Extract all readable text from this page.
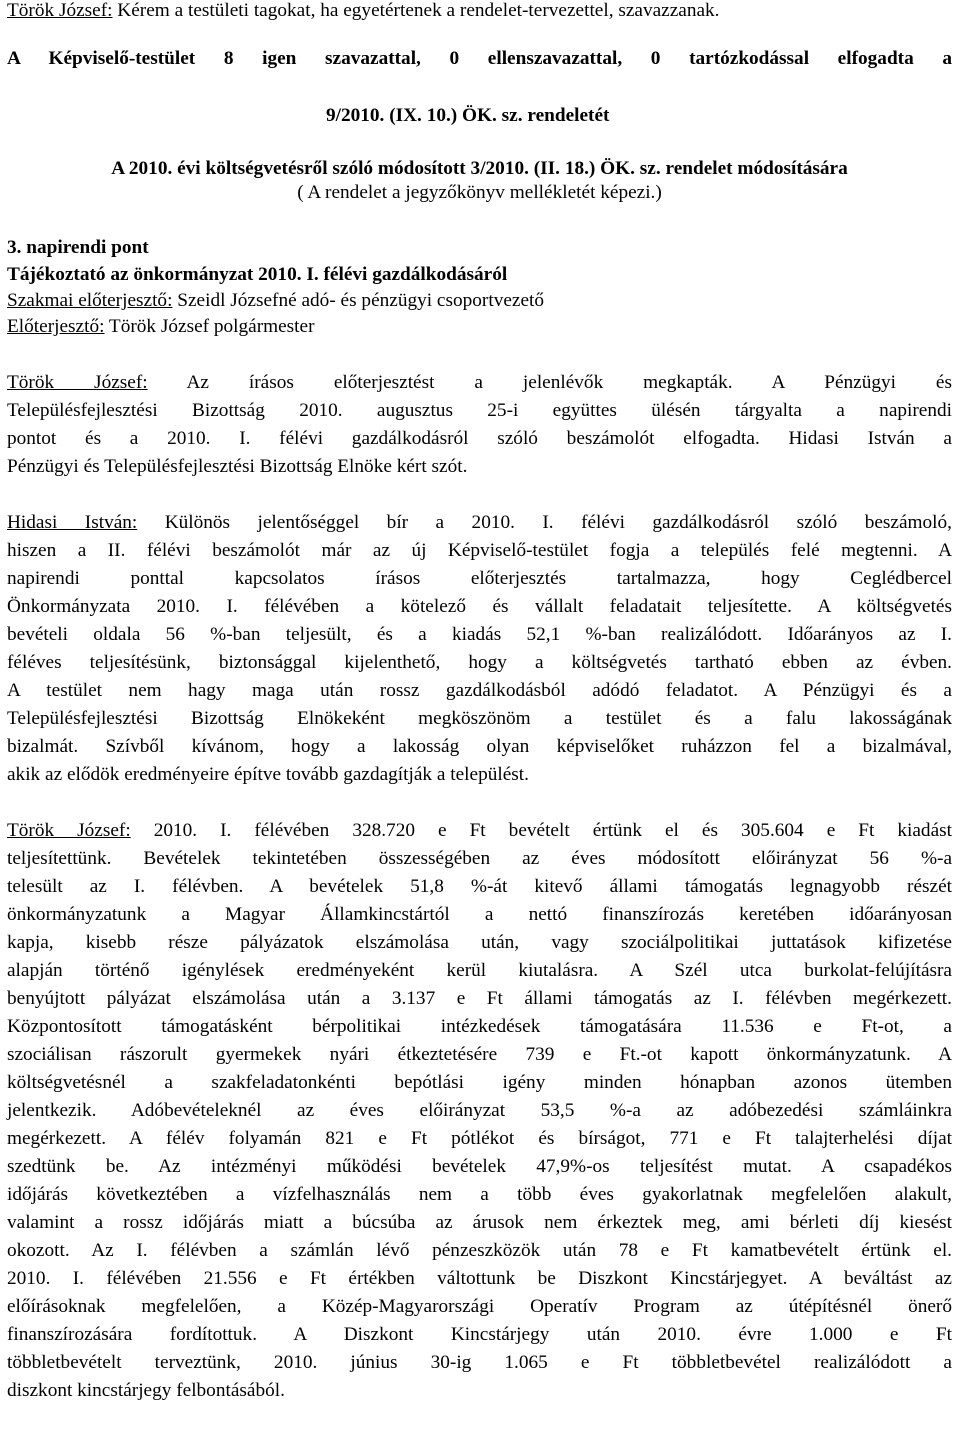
Török József: Kérem a testületi tagokat, ha egyetértenek a rendelet-tervezettel, szavazzanak.

A Képviselő-testület 8 igen szavazattal, 0 ellenszavazattal, 0 tartózkodással elfogadta a

9/2010. (IX. 10.) ÖK. sz. rendeletét

A 2010. évi költségvetésről szóló módosított 3/2010. (II. 18.) ÖK. sz. rendelet módosítására

( A rendelet a jegyzőkönyv mellékletét képezi.)

3. napirendi pont

Tájékoztató az önkormányzat 2010. I. félévi gazdálkodásáról

Szakmai előterjesztő: Szeidl Józsefné adó- és pénzügyi csoportvezető

Előterjesztő: Török József polgármester

Török József: Az írásos előterjesztést a jelenlévők megkapták. A Pénzügyi és

Településfejlesztési Bizottság 2010. augusztus 25-i együttes ülésén tárgyalta a napirendi

pontot és a 2010. I. félévi gazdálkodásról szóló beszámolót elfogadta. Hidasi István a

Pénzügyi és Településfejlesztési Bizottság Elnöke kért szót.

Hidasi István: Különös jelentőséggel bír a 2010. I. félévi gazdálkodásról szóló beszámoló,

hiszen a II. félévi beszámolót már az új Képviselő-testület fogja a település felé megtenni. A

napirendi ponttal kapcsolatos írásos előterjesztés tartalmazza, hogy Ceglédbercel

Önkormányzata 2010. I. félévében a kötelező és vállalt feladatait teljesítette. A költségvetés

bevételi oldala 56 %-ban teljesült, és a kiadás 52,1 %-ban realizálódott. Időarányos az I.

féléves teljesítésünk, biztonsággal kijelenthető, hogy a költségvetés tartható ebben az évben.

A testület nem hagy maga után rossz gazdálkodásból adódó feladatot. A Pénzügyi és a

Településfejlesztési Bizottság Elnökeként megköszönöm a testület és a falu lakosságának

bizalmát. Szívből kívánom, hogy a lakosság olyan képviselőket ruházzon fel a bizalmával,

akik az elődök eredményeire építve tovább gazdagítják a települést.

Török József: 2010. I. félévében 328.720 e Ft bevételt értünk el és 305.604 e Ft kiadást

teljesítettünk. Bevételek tekintetében összességében az éves módosított előirányzat 56 %-a

telesült az I. félévben. A bevételek 51,8 %-át kitevő állami támogatás legnagyobb részét

önkormányzatunk a Magyar Államkincstártól a nettó finanszírozás keretében időarányosan

kapja, kisebb része pályázatok elszámolása után, vagy szociálpolitikai juttatások kifizetése

alapján történő igénylések eredményeként kerül kiutalásra. A Szél utca burkolat-felújításra

benyújtott pályázat elszámolása után a 3.137 e Ft állami támogatás az I. félévben megérkezett.

Központosított támogatásként bérpolitikai intézkedések támogatására 11.536 e Ft-ot, a

szociálisan rászorult gyermekek nyári étkeztetésére 739 e Ft.-ot kapott önkormányzatunk. A

költségvetésnél a szakfeladatonkénti bepótlási igény minden hónapban azonos ütemben

jelentkezik. Adóbevételeknél az éves előirányzat 53,5 %-a az adóbezedési számláinkra

megérkezett. A félév folyamán 821 e Ft pótlékot és bírságot, 771 e Ft talajterhelési díjat

szedtünk be. Az intézményi működési bevételek 47,9%-os teljesítést mutat. A csapadékos

időjárás következtében a vízfelhasználás nem a több éves gyakorlatnak megfelelően alakult,

valamint a rossz időjárás miatt a búcsúba az árusok nem érkeztek meg, ami bérleti díj kiesést

okozott. Az I. félévben a számlán lévő pénzeszközök után 78 e Ft kamatbevételt értünk el.

2010. I. félévében 21.556 e Ft értékben váltottunk be Diszkont Kincstárjegyet. A beváltást az

előírásoknak megfelelően, a Közép-Magyarországi Operatív Program az útépítésnél önerő

finanszírozására fordítottuk. A Diszkont Kincstárjegy után 2010. évre 1.000 e Ft

többletbevételt terveztünk, 2010. június 30-ig 1.065 e Ft többletbevétel realizálódott a

diszkont kincstárjegy felbontásából.
